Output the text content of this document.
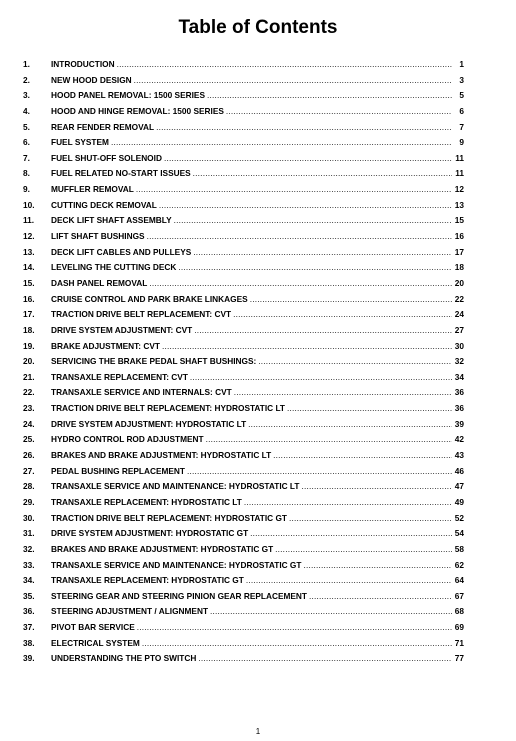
Table of Contents
1.	INTRODUCTION .....	1
2.	NEW HOOD DESIGN .....	3
3.	HOOD PANEL REMOVAL: 1500 SERIES .....	5
4.	HOOD AND HINGE REMOVAL: 1500 SERIES .....	6
5.	REAR FENDER REMOVAL .....	7
6.	FUEL SYSTEM .....	9
7.	FUEL SHUT-OFF SOLENOID .....	11
8.	FUEL RELATED NO-START ISSUES .....	11
9.	MUFFLER REMOVAL .....	12
10.	CUTTING DECK REMOVAL .....	13
11.	DECK LIFT SHAFT ASSEMBLY .....	15
12.	LIFT SHAFT BUSHINGS .....	16
13.	DECK LIFT CABLES AND PULLEYS .....	17
14.	LEVELING THE CUTTING DECK .....	18
15.	DASH PANEL REMOVAL .....	20
16.	CRUISE CONTROL AND PARK BRAKE LINKAGES .....	22
17.	TRACTION DRIVE BELT REPLACEMENT: CVT .....	24
18.	DRIVE SYSTEM ADJUSTMENT: CVT .....	27
19.	BRAKE ADJUSTMENT: CVT .....	30
20.	SERVICING THE BRAKE PEDAL SHAFT BUSHINGS: .....	32
21.	TRANSAXLE REPLACEMENT: CVT .....	34
22.	TRANSAXLE SERVICE AND INTERNALS: CVT .....	36
23.	TRACTION DRIVE BELT REPLACEMENT: HYDROSTATIC LT .....	36
24.	DRIVE SYSTEM ADJUSTMENT: HYDROSTATIC LT .....	39
25.	HYDRO CONTROL ROD ADJUSTMENT .....	42
26.	BRAKES AND BRAKE ADJUSTMENT: HYDROSTATIC LT .....	43
27.	PEDAL BUSHING REPLACEMENT .....	46
28.	TRANSAXLE SERVICE AND MAINTENANCE: HYDROSTATIC LT .....	47
29.	TRANSAXLE REPLACEMENT: HYDROSTATIC LT .....	49
30.	TRACTION DRIVE BELT REPLACEMENT: HYDROSTATIC GT .....	52
31.	DRIVE SYSTEM ADJUSTMENT: HYDROSTATIC GT .....	54
32.	BRAKES AND BRAKE ADJUSTMENT: HYDROSTATIC GT .....	58
33.	TRANSAXLE SERVICE AND MAINTENANCE: HYDROSTATIC GT .....	62
34.	TRANSAXLE REPLACEMENT: HYDROSTATIC GT .....	64
35.	STEERING GEAR AND STEERING PINION GEAR REPLACEMENT .....	67
36.	STEERING ADJUSTMENT / ALIGNMENT .....	68
37.	PIVOT BAR SERVICE .....	69
38.	ELECTRICAL SYSTEM .....	71
39.	UNDERSTANDING THE PTO SWITCH .....	77
1
